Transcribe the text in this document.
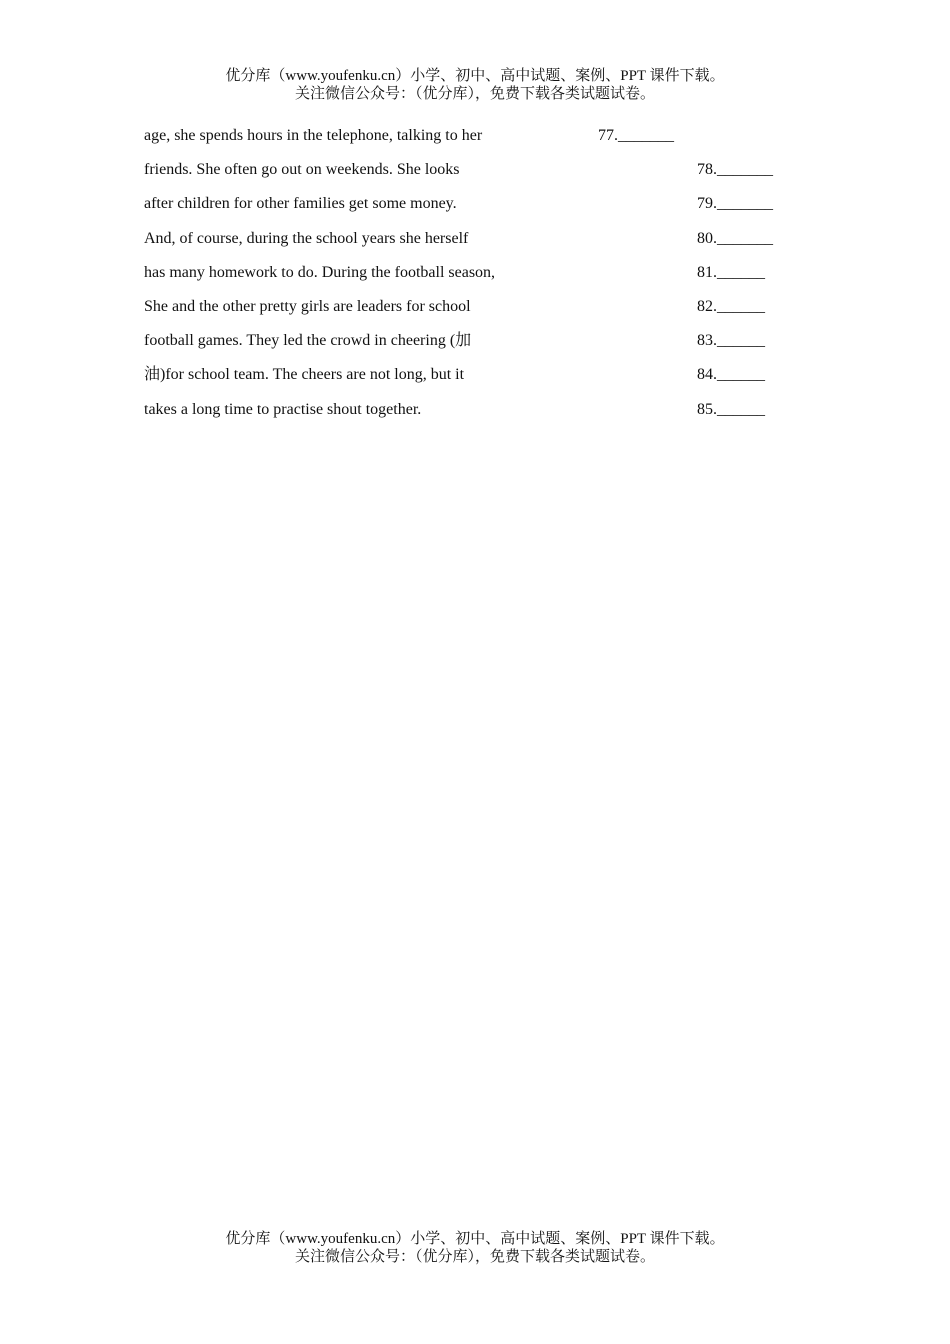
优分库（www.youfenku.cn）小学、初中、高中试题、案例、PPT 课件下载。
关注微信公众号：（优分库），免费下载各类试题试卷。
age, she spends hours in the telephone, talking to her	77._______
friends. She often go out on weekends. She looks	78._______
after children for other families get some money.	79._______
And, of course, during the school years she herself	80._______
has many homework to do. During the football season,	81.______
She and the other pretty girls are leaders for school	82.______
football games. They led the crowd in cheering (加	83.______
油)for school team. The cheers are not long, but it	84.______
takes a long time to practise shout together.	85.______
优分库（www.youfenku.cn）小学、初中、高中试题、案例、PPT 课件下载。
关注微信公众号：（优分库），免费下载各类试题试卷。
